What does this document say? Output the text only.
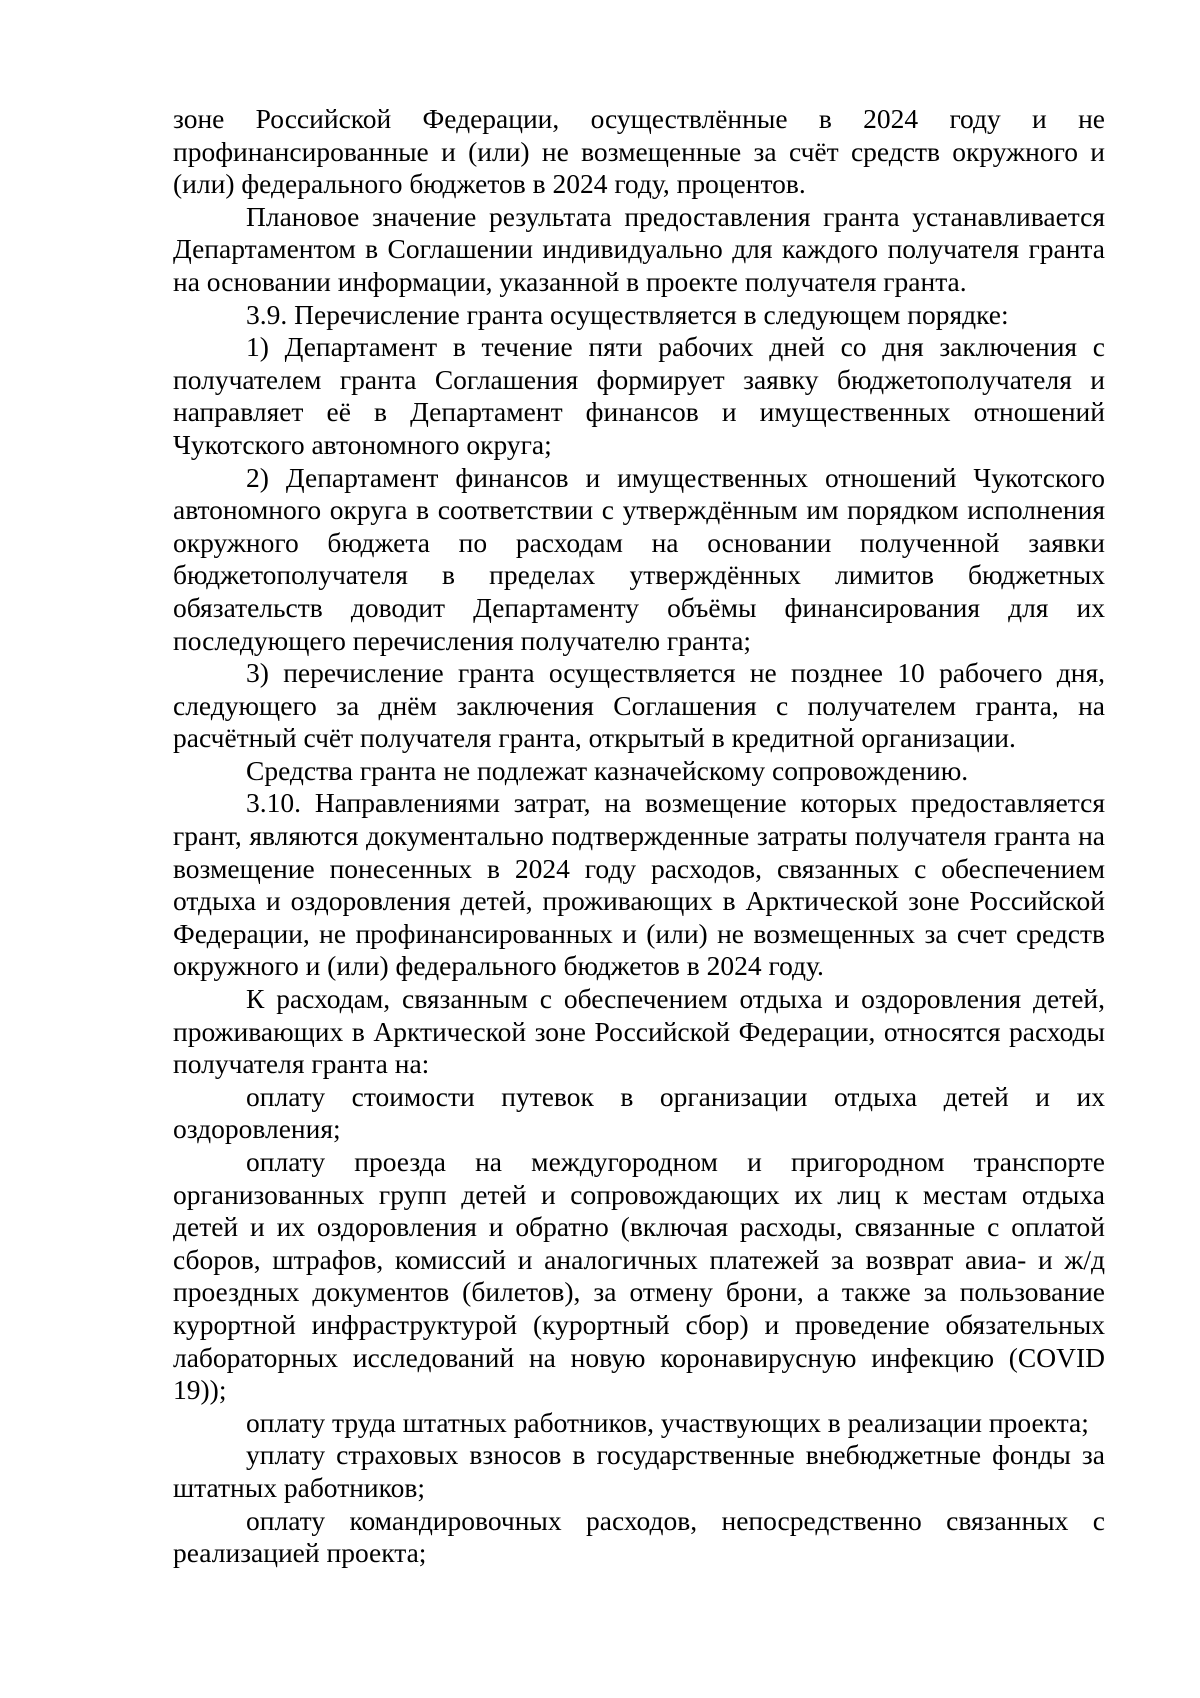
зоне Российской Федерации, осуществлённые в 2024 году и не профинансированные и (или) не возмещенные за счёт средств окружного и (или) федерального бюджетов в 2024 году, процентов.

Плановое значение результата предоставления гранта устанавливается Департаментом в Соглашении индивидуально для каждого получателя гранта на основании информации, указанной в проекте получателя гранта.

3.9. Перечисление гранта осуществляется в следующем порядке:

1) Департамент в течение пяти рабочих дней со дня заключения с получателем гранта Соглашения формирует заявку бюджетополучателя и направляет её в Департамент финансов и имущественных отношений Чукотского автономного округа;

2) Департамент финансов и имущественных отношений Чукотского автономного округа в соответствии с утверждённым им порядком исполнения окружного бюджета по расходам на основании полученной заявки бюджетополучателя в пределах утверждённых лимитов бюджетных обязательств доводит Департаменту объёмы финансирования для их последующего перечисления получателю гранта;

3) перечисление гранта осуществляется не позднее 10 рабочего дня, следующего за днём заключения Соглашения с получателем гранта, на расчётный счёт получателя гранта, открытый в кредитной организации.

Средства гранта не подлежат казначейскому сопровождению.

3.10. Направлениями затрат, на возмещение которых предоставляется грант, являются документально подтвержденные затраты получателя гранта на возмещение понесенных в 2024 году расходов, связанных с обеспечением отдыха и оздоровления детей, проживающих в Арктической зоне Российской Федерации, не профинансированных и (или) не возмещенных за счет средств окружного и (или) федерального бюджетов в 2024 году.

К расходам, связанным с обеспечением отдыха и оздоровления детей, проживающих в Арктической зоне Российской Федерации, относятся расходы получателя гранта на:

оплату стоимости путевок в организации отдыха детей и их оздоровления;

оплату проезда на междугородном и пригородном транспорте организованных групп детей и сопровождающих их лиц к местам отдыха детей и их оздоровления и обратно (включая расходы, связанные с оплатой сборов, штрафов, комиссий и аналогичных платежей за возврат авиа- и ж/д проездных документов (билетов), за отмену брони, а также за пользование курортной инфраструктурой (курортный сбор) и проведение обязательных лабораторных исследований на новую коронавирусную инфекцию (COVID 19));

оплату труда штатных работников, участвующих в реализации проекта;

уплату страховых взносов в государственные внебюджетные фонды за штатных работников;

оплату командировочных расходов, непосредственно связанных с реализацией проекта;
